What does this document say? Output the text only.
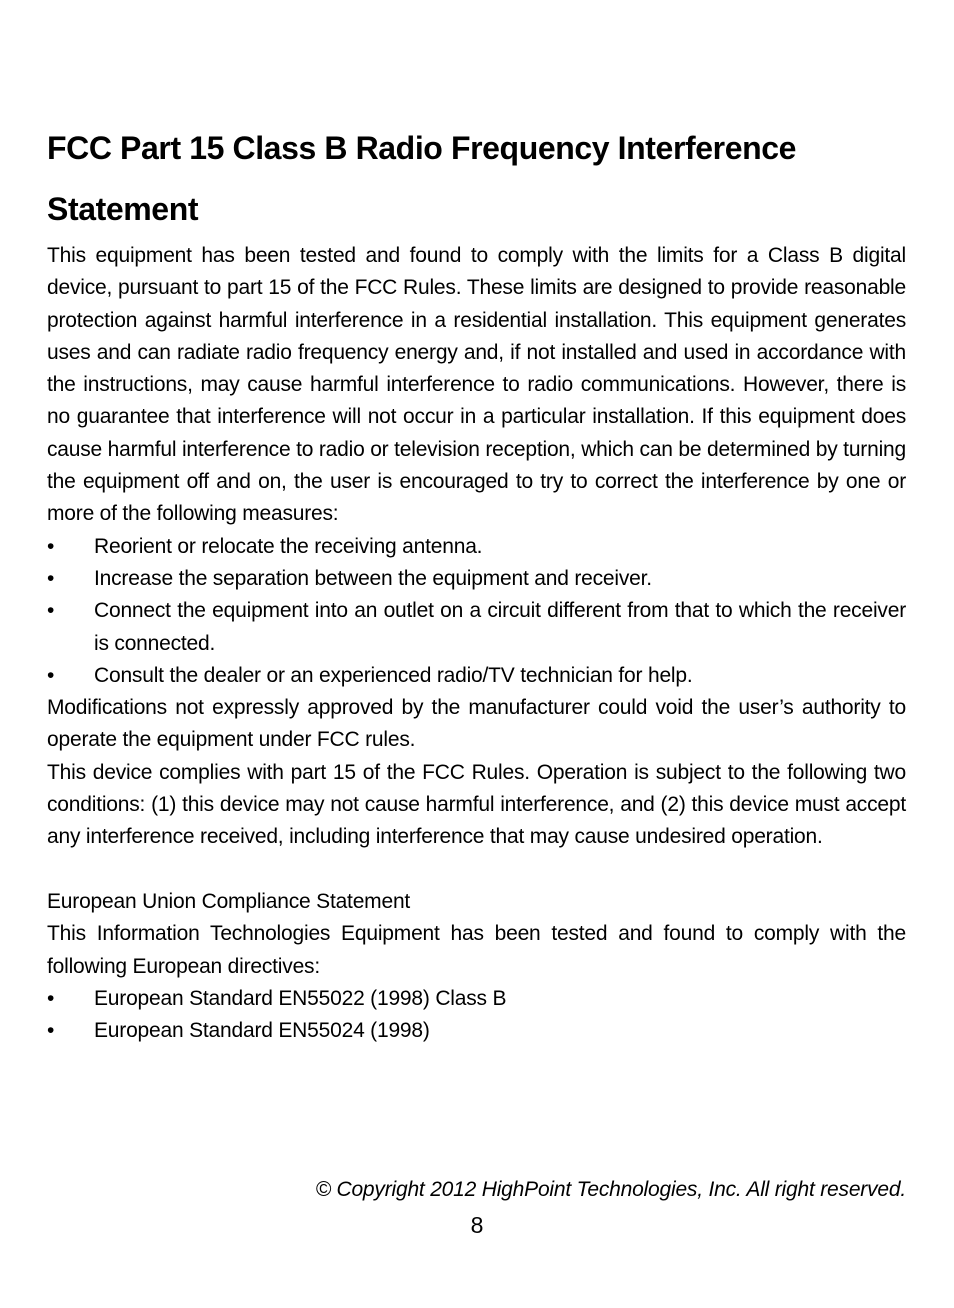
FCC Part 15 Class B Radio Frequency Interference Statement

This equipment has been tested and found to comply with the limits for a Class B digital device, pursuant to part 15 of the FCC Rules. These limits are designed to provide reasonable protection against harmful interference in a residential installation. This equipment generates uses and can radiate radio frequency energy and, if not installed and used in accordance with the instructions, may cause harmful interference to radio communications. However, there is no guarantee that interference will not occur in a particular installation. If this equipment does cause harmful interference to radio or television reception, which can be determined by turning the equipment off and on, the user is encouraged to try to correct the interference by one or more of the following measures:

•	Reorient or relocate the receiving antenna.
•	Increase the separation between the equipment and receiver.
•	Connect the equipment into an outlet on a circuit different from that to which the receiver is connected.
•	Consult the dealer or an experienced radio/TV technician for help.

Modifications not expressly approved by the manufacturer could void the user’s authority to operate the equipment under FCC rules.

This device complies with part 15 of the FCC Rules. Operation is subject to the following two conditions: (1) this device may not cause harmful interference, and (2) this device must accept any interference received, including interference that may cause undesired operation.

European Union Compliance Statement

This Information Technologies Equipment has been tested and found to comply with the following European directives:

•	European Standard EN55022 (1998) Class B
•	European Standard EN55024 (1998)
© Copyright 2012 HighPoint Technologies, Inc. All right reserved.
8
